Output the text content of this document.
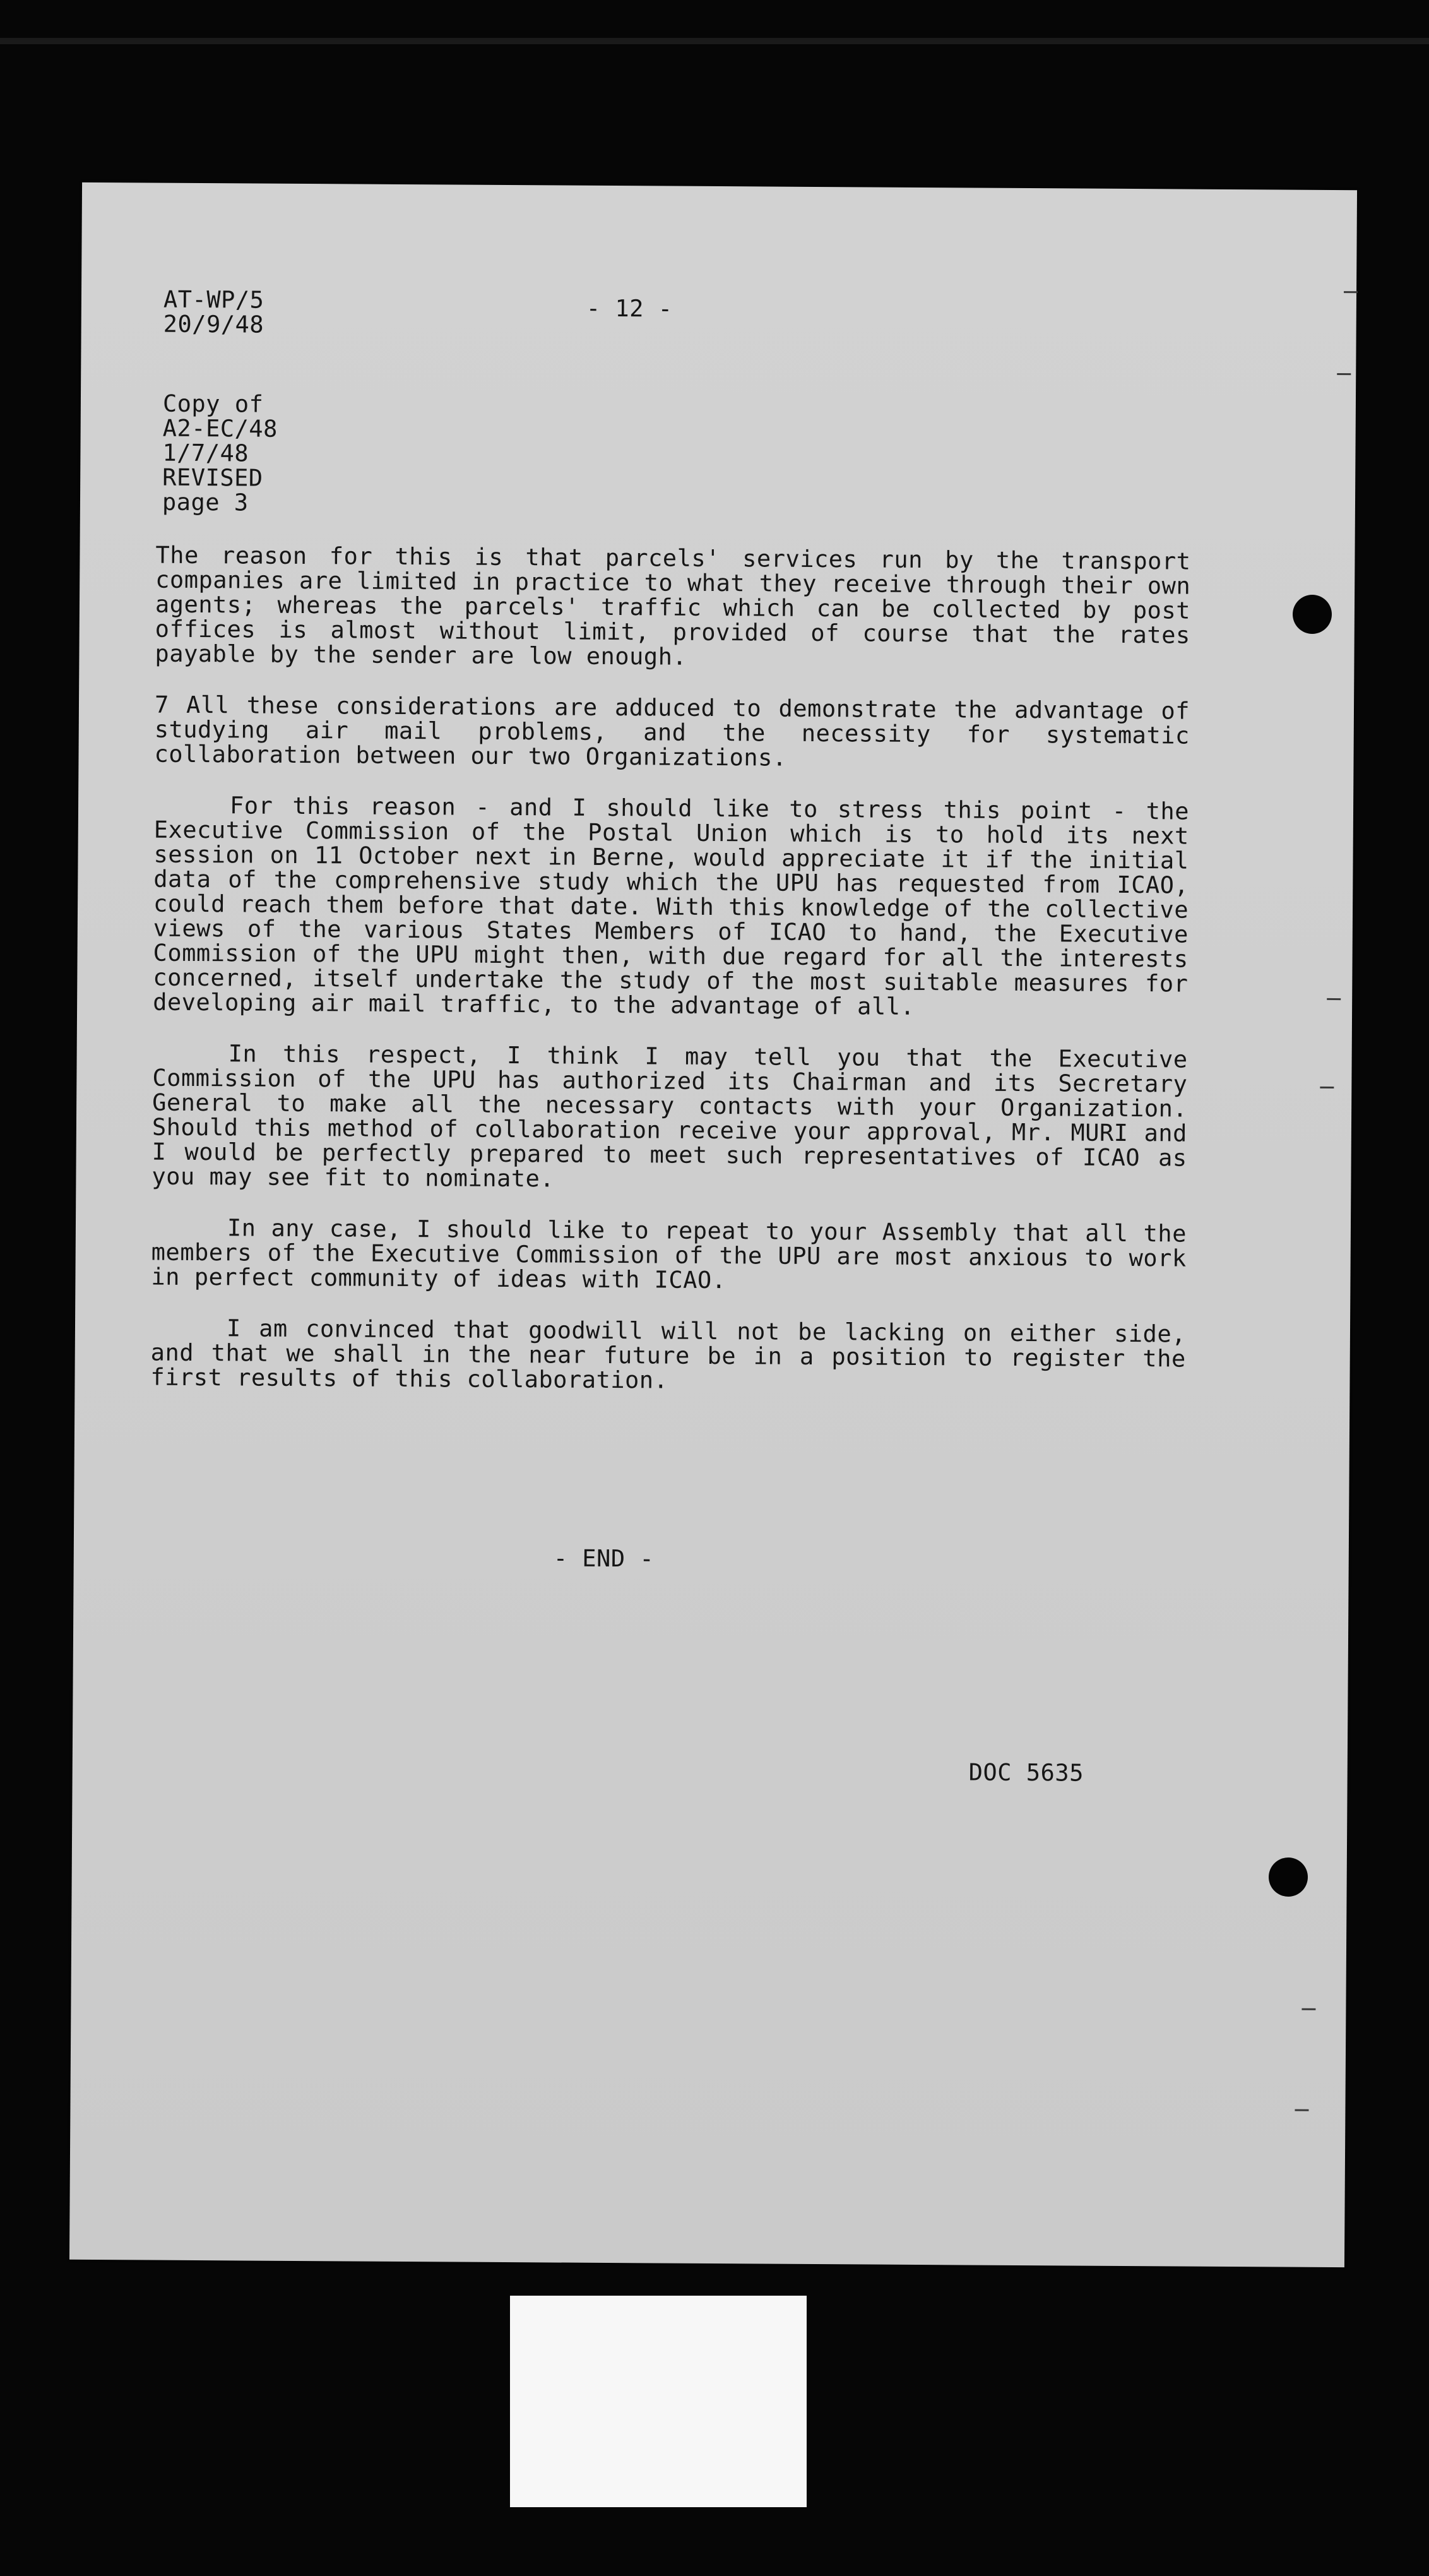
AT-WP/5
20/9/48
- 12 -
Copy of
A2-EC/48
1/7/48
REVISED
page 3

The reason for this is that parcels' services run by the transport companies are limited in practice to what they receive through their own agents; whereas the parcels' traffic which can be collected by post offices is almost without limit, provided of course that the rates payable by the sender are low enough.

7 All these considerations are adduced to demonstrate the advantage of studying air mail problems, and the necessity for systematic collaboration between our two Organizations.

For this reason - and I should like to stress this point - the Executive Commission of the Postal Union which is to hold its next session on 11 October next in Berne, would appreciate it if the initial data of the comprehensive study which the UPU has requested from ICAO, could reach them before that date. With this knowledge of the collective views of the various States Members of ICAO to hand, the Executive Commission of the UPU might then, with due regard for all the interests concerned, itself undertake the study of the most suitable measures for developing air mail traffic, to the advantage of all.

In this respect, I think I may tell you that the Executive Commission of the UPU has authorized its Chairman and its Secretary General to make all the necessary contacts with your Organization. Should this method of collaboration receive your approval, Mr. MURI and I would be perfectly prepared to meet such representatives of ICAO as you may see fit to nominate.

In any case, I should like to repeat to your Assembly that all the members of the Executive Commission of the UPU are most anxious to work in perfect community of ideas with ICAO.

I am convinced that goodwill will not be lacking on either side, and that we shall in the near future be in a position to register the first results of this collaboration.

- END -
DOC 5635
